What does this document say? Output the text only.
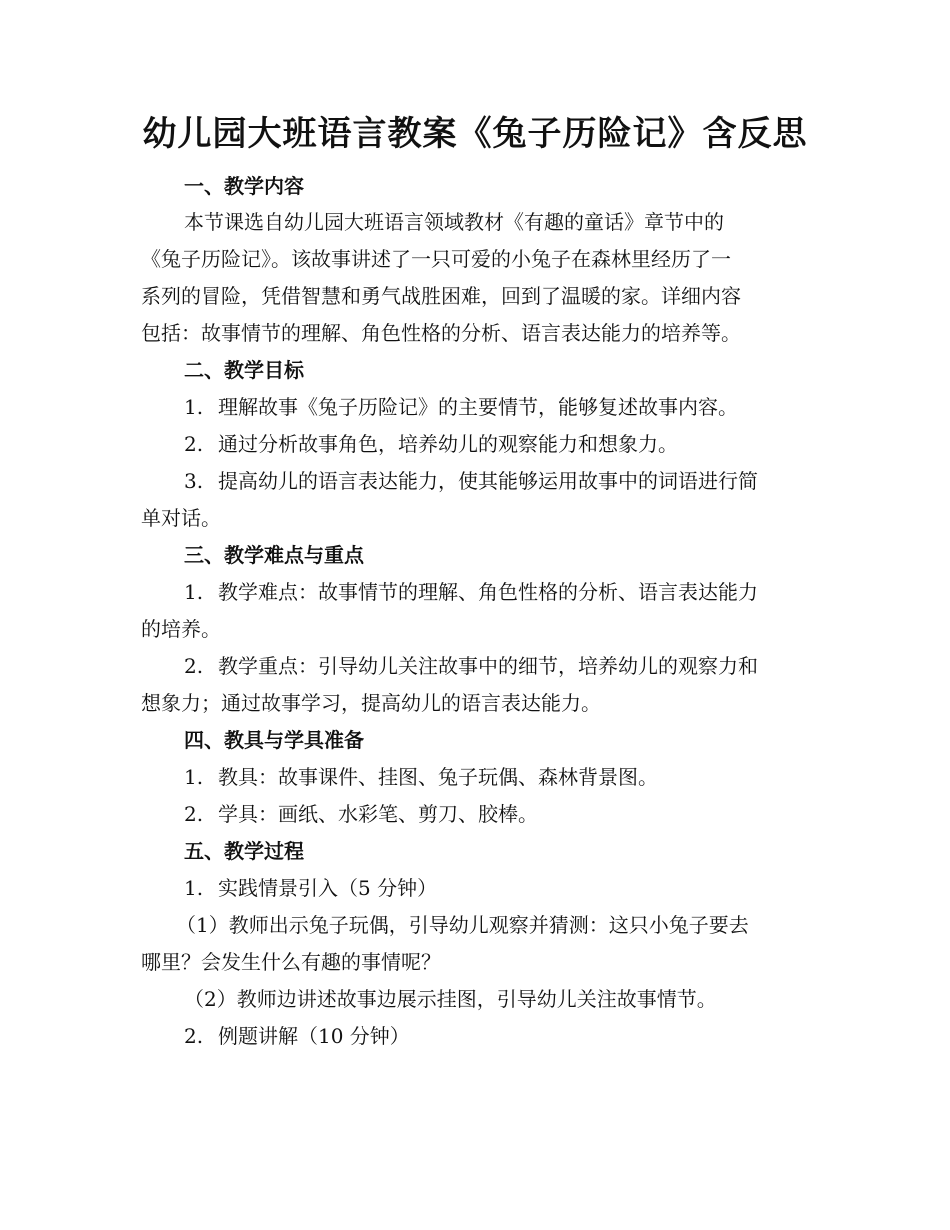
幼儿园大班语言教案《兔子历险记》含反思
一、教学内容
本节课选自幼儿园大班语言领域教材《有趣的童话》章节中的
《兔子历险记》。该故事讲述了一只可爱的小兔子在森林里经历了一
系列的冒险，凭借智慧和勇气战胜困难，回到了温暖的家。详细内容
包括：故事情节的理解、角色性格的分析、语言表达能力的培养等。
二、教学目标
1. 理解故事《兔子历险记》的主要情节，能够复述故事内容。
2. 通过分析故事角色，培养幼儿的观察能力和想象力。
3. 提高幼儿的语言表达能力，使其能够运用故事中的词语进行简
单对话。
三、教学难点与重点
1. 教学难点：故事情节的理解、角色性格的分析、语言表达能力
的培养。
2. 教学重点：引导幼儿关注故事中的细节，培养幼儿的观察力和
想象力；通过故事学习，提高幼儿的语言表达能力。
四、教具与学具准备
1. 教具：故事课件、挂图、兔子玩偶、森林背景图。
2. 学具：画纸、水彩笔、剪刀、胶棒。
五、教学过程
1. 实践情景引入（5 分钟）
（1）教师出示兔子玩偶，引导幼儿观察并猜测：这只小兔子要去
哪里？会发生什么有趣的事情呢？
（2）教师边讲述故事边展示挂图，引导幼儿关注故事情节。
2. 例题讲解（10 分钟）
